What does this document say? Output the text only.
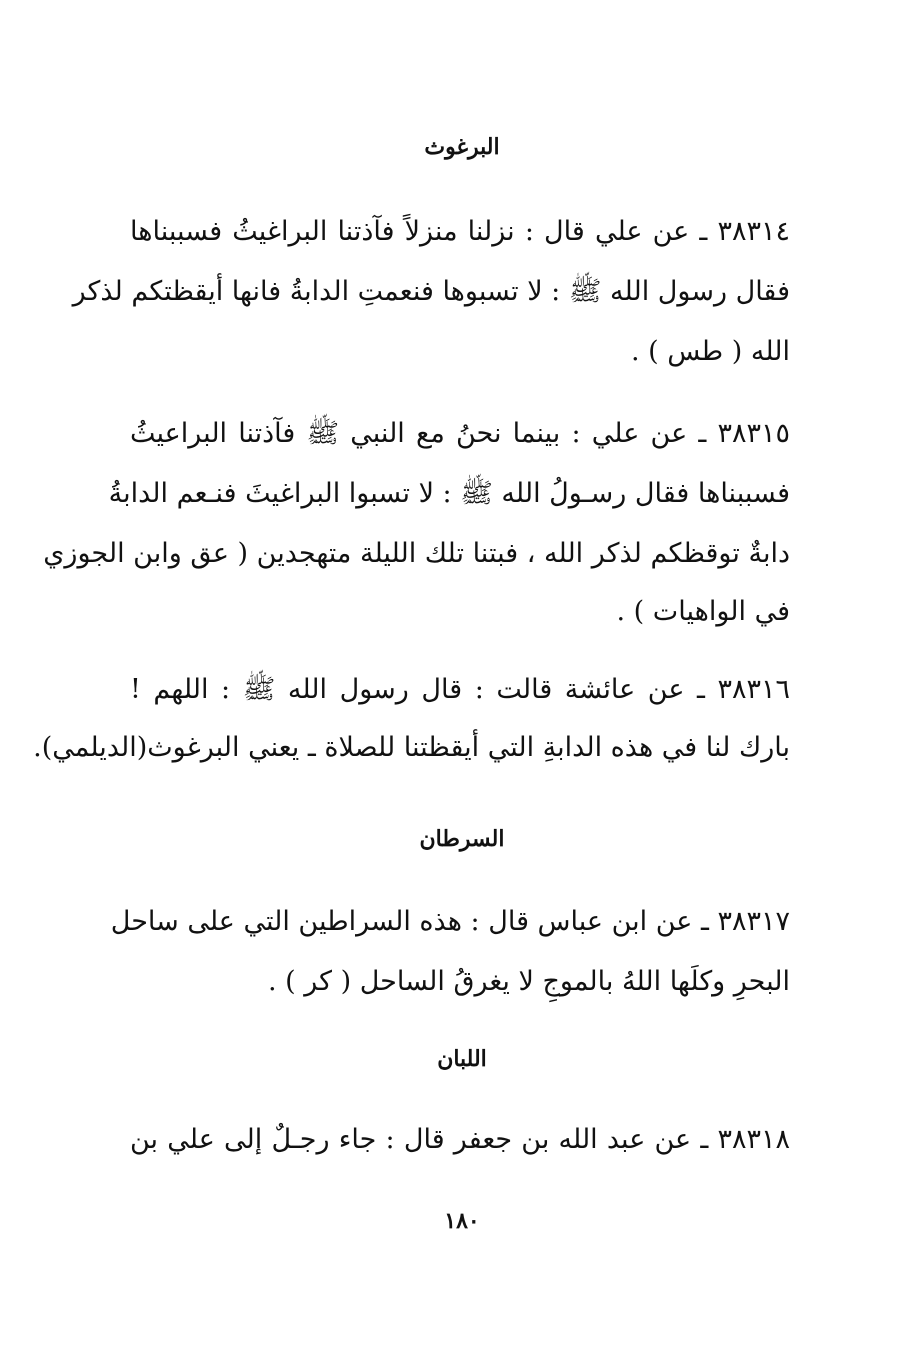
البرغوث
٣٨٣١٤ ـ عن علي قال : نزلنا منزلاً فآذتنا البراغيثُ فسببناها
فقال رسول الله ﷺ : لا تسبوها فنعمتِ الدابةُ فانها أيقظتكم لذكر
الله ( طس ) .
٣٨٣١٥ ـ عن علي : بينما نحنُ مع النبي ﷺ فآذتنا البراعيثُ
فسببناها فقال رسـولُ الله ﷺ : لا تسبوا البراغيثَ فنـعم الدابةُ
دابةٌ توقظكم لذكر الله ، فبتنا تلك الليلة متهجدين ( عق وابن الجوزي
في الواهيات ) .
٣٨٣١٦ ـ عن عائشة قالت : قال رسول الله ﷺ : اللهم !
بارك لنا في هذه الدابةِ التي أيقظتنا للصلاة ـ يعني البرغوث(الديلمي).
السرطان
٣٨٣١٧ ـ عن ابن عباس قال : هذه السراطين التي على ساحل
البحرِ وكلَها اللهُ بالموجِ لا يغرقُ الساحل ( كر ) .
اللبان
٣٨٣١٨ ـ عن عبد الله بن جعفر قال : جاء رجـلٌ إلى علي بن
١٨٠
